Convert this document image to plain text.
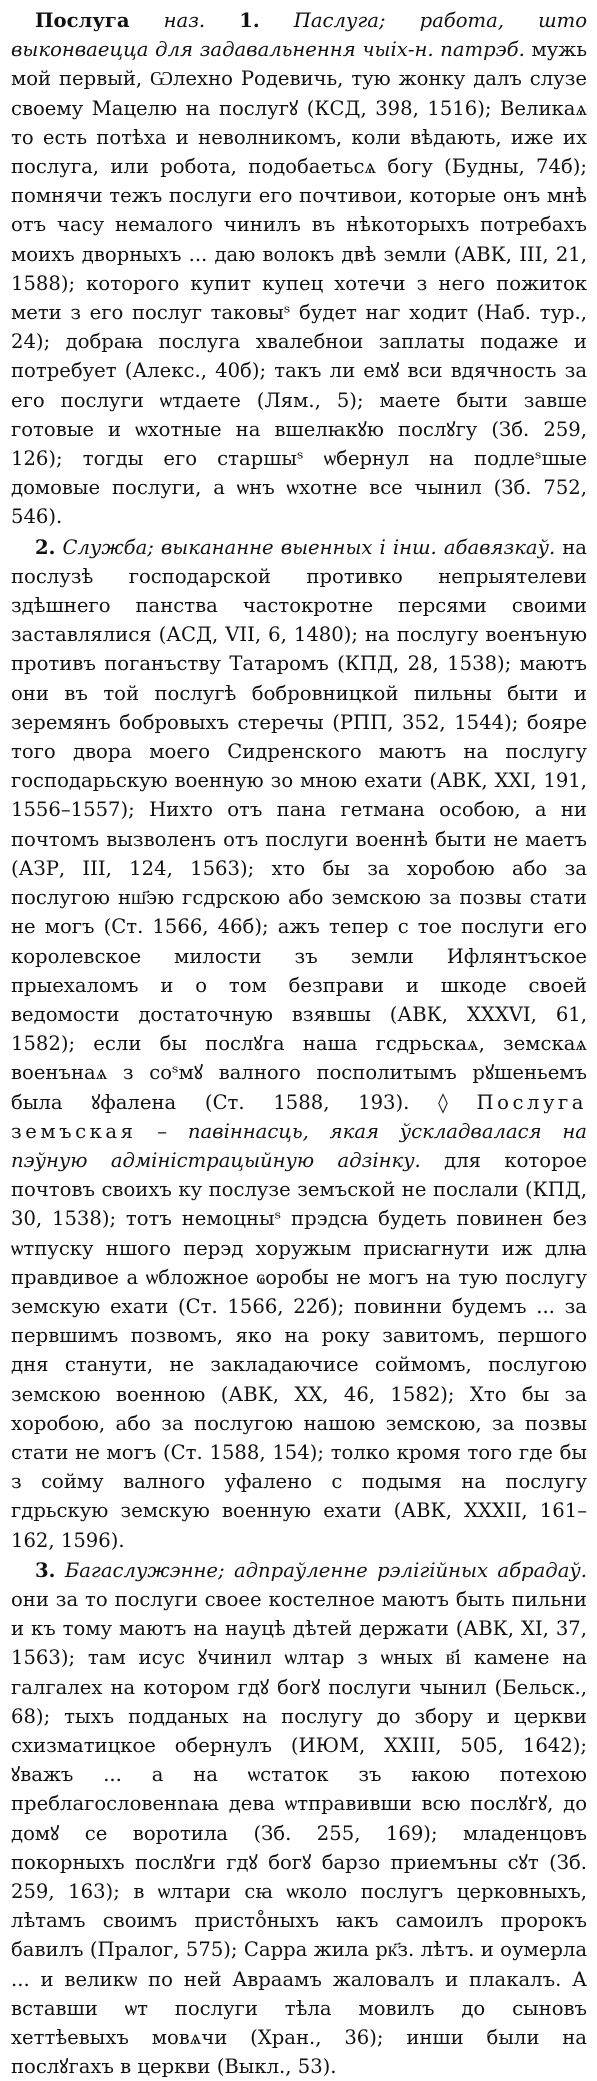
Послуга наз. 1. Паслуга; работа, што выконваецца для задавальнення чыіх-н. патрэб. мужь мой первый, Ѡлехно Родевичь, тую жонку далъ слузе своему Мацелю на послугꙋ (КСД, 398, 1516); Великаѧ то есть потѣха и неволникомъ, коли вѣдають, иже их послуга, или робота, подобаетьсѧ богу (Будны, 74б); помнячи тежъ послуги его почтивои, которые онъ мнѣ отъ часу немалого чинилъ въ нѣкоторыхъ потребахъ моихъ дворныхъ ... даю волокъ двѣ земли (АВК, III, 21, 1588); которого купит купец хотечи з него пожиток мети з его послуг таковыˢ будет наг ходит (Наб. тур., 24); добраꙗ послуга хвалебнои заплаты подаже и потребует (Алекс., 40б); такъ ли емꙋ вси вдячность за его послуги ѡтдаете (Лям., 5); маете быти завше готовые и ѡхотные на вшелꙗкꙋю послꙋгу (Зб. 259, 126); тогды его старшыˢ ѡбернул на подлеˢшые домовые послуги, а ѡнъ ѡхотне все чынил (Зб. 752, 546).

2. Служба; выкананне выенных і інш. абавязкаў. на послузѣ господарской противко непрыятелеви здѣшнего панства частокротне персями своими заставлялися (АСД, VII, 6, 1480); на послугу военъную противъ поганъству Татаромъ (КПД, 28, 1538); маютъ они въ той послугѣ бобровницкой пильны быти и зеремянъ бобровыхъ стеречы (РПП, 352, 1544); бояре того двора моего Сидренского маютъ на послугу господарьскую военную зо мною ехати (АВК, XXI, 191, 1556–1557); Нихто отъ пана гетмана особою, а ни почтомъ вызволенъ отъ послуги военнѣ быти не маетъ (АЗР, III, 124, 1563); хто бы за хоробою або за послугою нш҃эю гсдрскою або земскою за позвы стати не могъ (Ст. 1566, 46б); ажъ тепер с тое послуги его королевское милости зъ земли Ифлянтъское прыехаломъ и о том безправи и шкоде своей ведомости достаточную взявшы (АВК, XXXVI, 61, 1582); если бы послꙋга наша гсдрьскаѧ, земскаѧ военънаѧ з соˢмꙋ валного посполитымъ рꙋшеньемъ была ꙋфалена (Ст. 1588, 193). ◊ Послуга земъская – павіннасць, якая ўскладвалася на пэўную адміністрацыйную адзінку. для которое почтовъ своихъ ку послузе земъской не послали (КПД, 30, 1538); тотъ немоцныˢ прэдсꙗ будеть повинен без ѡтпуску ншого перэд хоружым присꙗгнути иж длꙗ правдивое а ѡбложное ҩоробы не могъ на тую послугу земскую ехати (Ст. 1566, 22б); повинни будемъ ... за первшимъ позвомъ, яко на року завитомъ, першого дня станути, не закладаючисе соймомъ, послугою земскою военною (АВК, XX, 46, 1582); Хто бы за хоробою, або за послугою нашою земскою, за позвы стати не могъ (Ст. 1588, 154); толко кромя того где бы з сойму валного уфалено с подымя на послугу гдрьскую земскую военную ехати (АВК, XXXII, 161–162, 1596).

3. Багаслужэнне; адпраўленне рэлігійных абрадаў. они за то послуги своее костелное маютъ быть пильни и къ тому маютъ на науцѣ дѣтей держати (АВК, XI, 37, 1563); там исус ꙋчинил ѡлтар з ѡных в҃і камене на галгалех на котором гдꙋ богꙋ послуги чынил (Бельск., 68); тыхъ подданых на послугу до збору и церкви схизматицкое обернулъ (ИЮМ, XXIII, 505, 1642); ꙋважъ ... а на ѡстаток зъ ꙗкою потехою преблагословенnаꙗ дева ѡтправивши всю послꙋгꙋ, до домꙋ се воротила (Зб. 255, 169); младенцовъ покорныхъ послꙋги гдꙋ богꙋ барзо приемъны сꙋт (Зб. 259, 163); в ѡлтари сꙗ ѡколо послугъ церковныхъ, лѣтамъ своимъ присто̊ныхъ ꙗкъ самоилъ пророкъ бавилъ (Пралог, 575); Сарра жила рк҃з. лѣтъ. и оумерла ... и великѡ по ней Авраамъ жаловалъ и плакалъ. А вставши ѡт послуги тѣла мовилъ до сыновъ хеттѣевыхъ мовѧчи (Хран., 36); инши были на послꙋгахъ в церкви (Выкл., 53).
